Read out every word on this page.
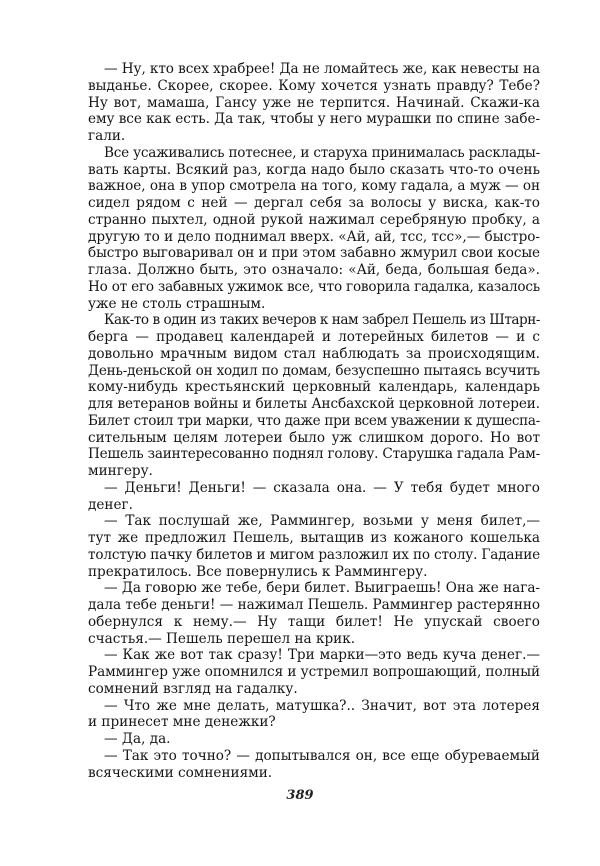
— Ну, кто всех храбрее! Да не ломайтесь же, как невесты на
выданье. Скорее, скорее. Кому хочется узнать правду? Тебе?
Ну вот, мамаша, Гансу уже не терпится. Начинай. Скажи-ка
ему все как есть. Да так, чтобы у него мурашки по спине забе-
гали.
Все усаживались потеснее, и старуха принималась расклады-
вать карты. Всякий раз, когда надо было сказать что-то очень
важное, она в упор смотрела на того, кому гадала, а муж — он
сидел рядом с ней — дергал себя за волосы у виска, как-то
странно пыхтел, одной рукой нажимал серебряную пробку, а
другую то и дело поднимал вверх. «Ай, ай, тсс, тсс»,— быстро-
быстро выговаривал он и при этом забавно жмурил свои косые
глаза. Должно быть, это означало: «Ай, беда, большая беда».
Но от его забавных ужимок все, что говорила гадалка, казалось
уже не столь страшным.
Как-то в один из таких вечеров к нам забрел Пешель из Штарн-
берга — продавец календарей и лотерейных билетов — и с
довольно мрачным видом стал наблюдать за происходящим.
День-деньской он ходил по домам, безуспешно пытаясь всучить
кому-нибудь крестьянский церковный календарь, календарь
для ветеранов войны и билеты Ансбахской церковной лотереи.
Билет стоил три марки, что даже при всем уважении к душеспа-
сительным целям лотереи было уж слишком дорого. Но вот
Пешель заинтересованно поднял голову. Старушка гадала Рам-
мингеру.
— Деньги! Деньги! — сказала она. — У тебя будет много
денег.
— Так послушай же, Раммингер, возьми у меня билет,—
тут же предложил Пешель, вытащив из кожаного кошелька
толстую пачку билетов и мигом разложил их по столу. Гадание
прекратилось. Все повернулись к Раммингеру.
— Да говорю же тебе, бери билет. Выиграешь! Она же нага-
дала тебе деньги! — нажимал Пешель. Раммингер растерянно
обернулся к нему.— Ну тащи билет! Не упускай своего
счастья.— Пешель перешел на крик.
— Как же вот так сразу! Три марки—это ведь куча денег.—
Раммингер уже опомнился и устремил вопрошающий, полный
сомнений взгляд на гадалку.
— Что же мне делать, матушка?.. Значит, вот эта лотерея
и принесет мне денежки?
— Да, да.
— Так это точно? — допытывался он, все еще обуреваемый
всяческими сомнениями.
389
